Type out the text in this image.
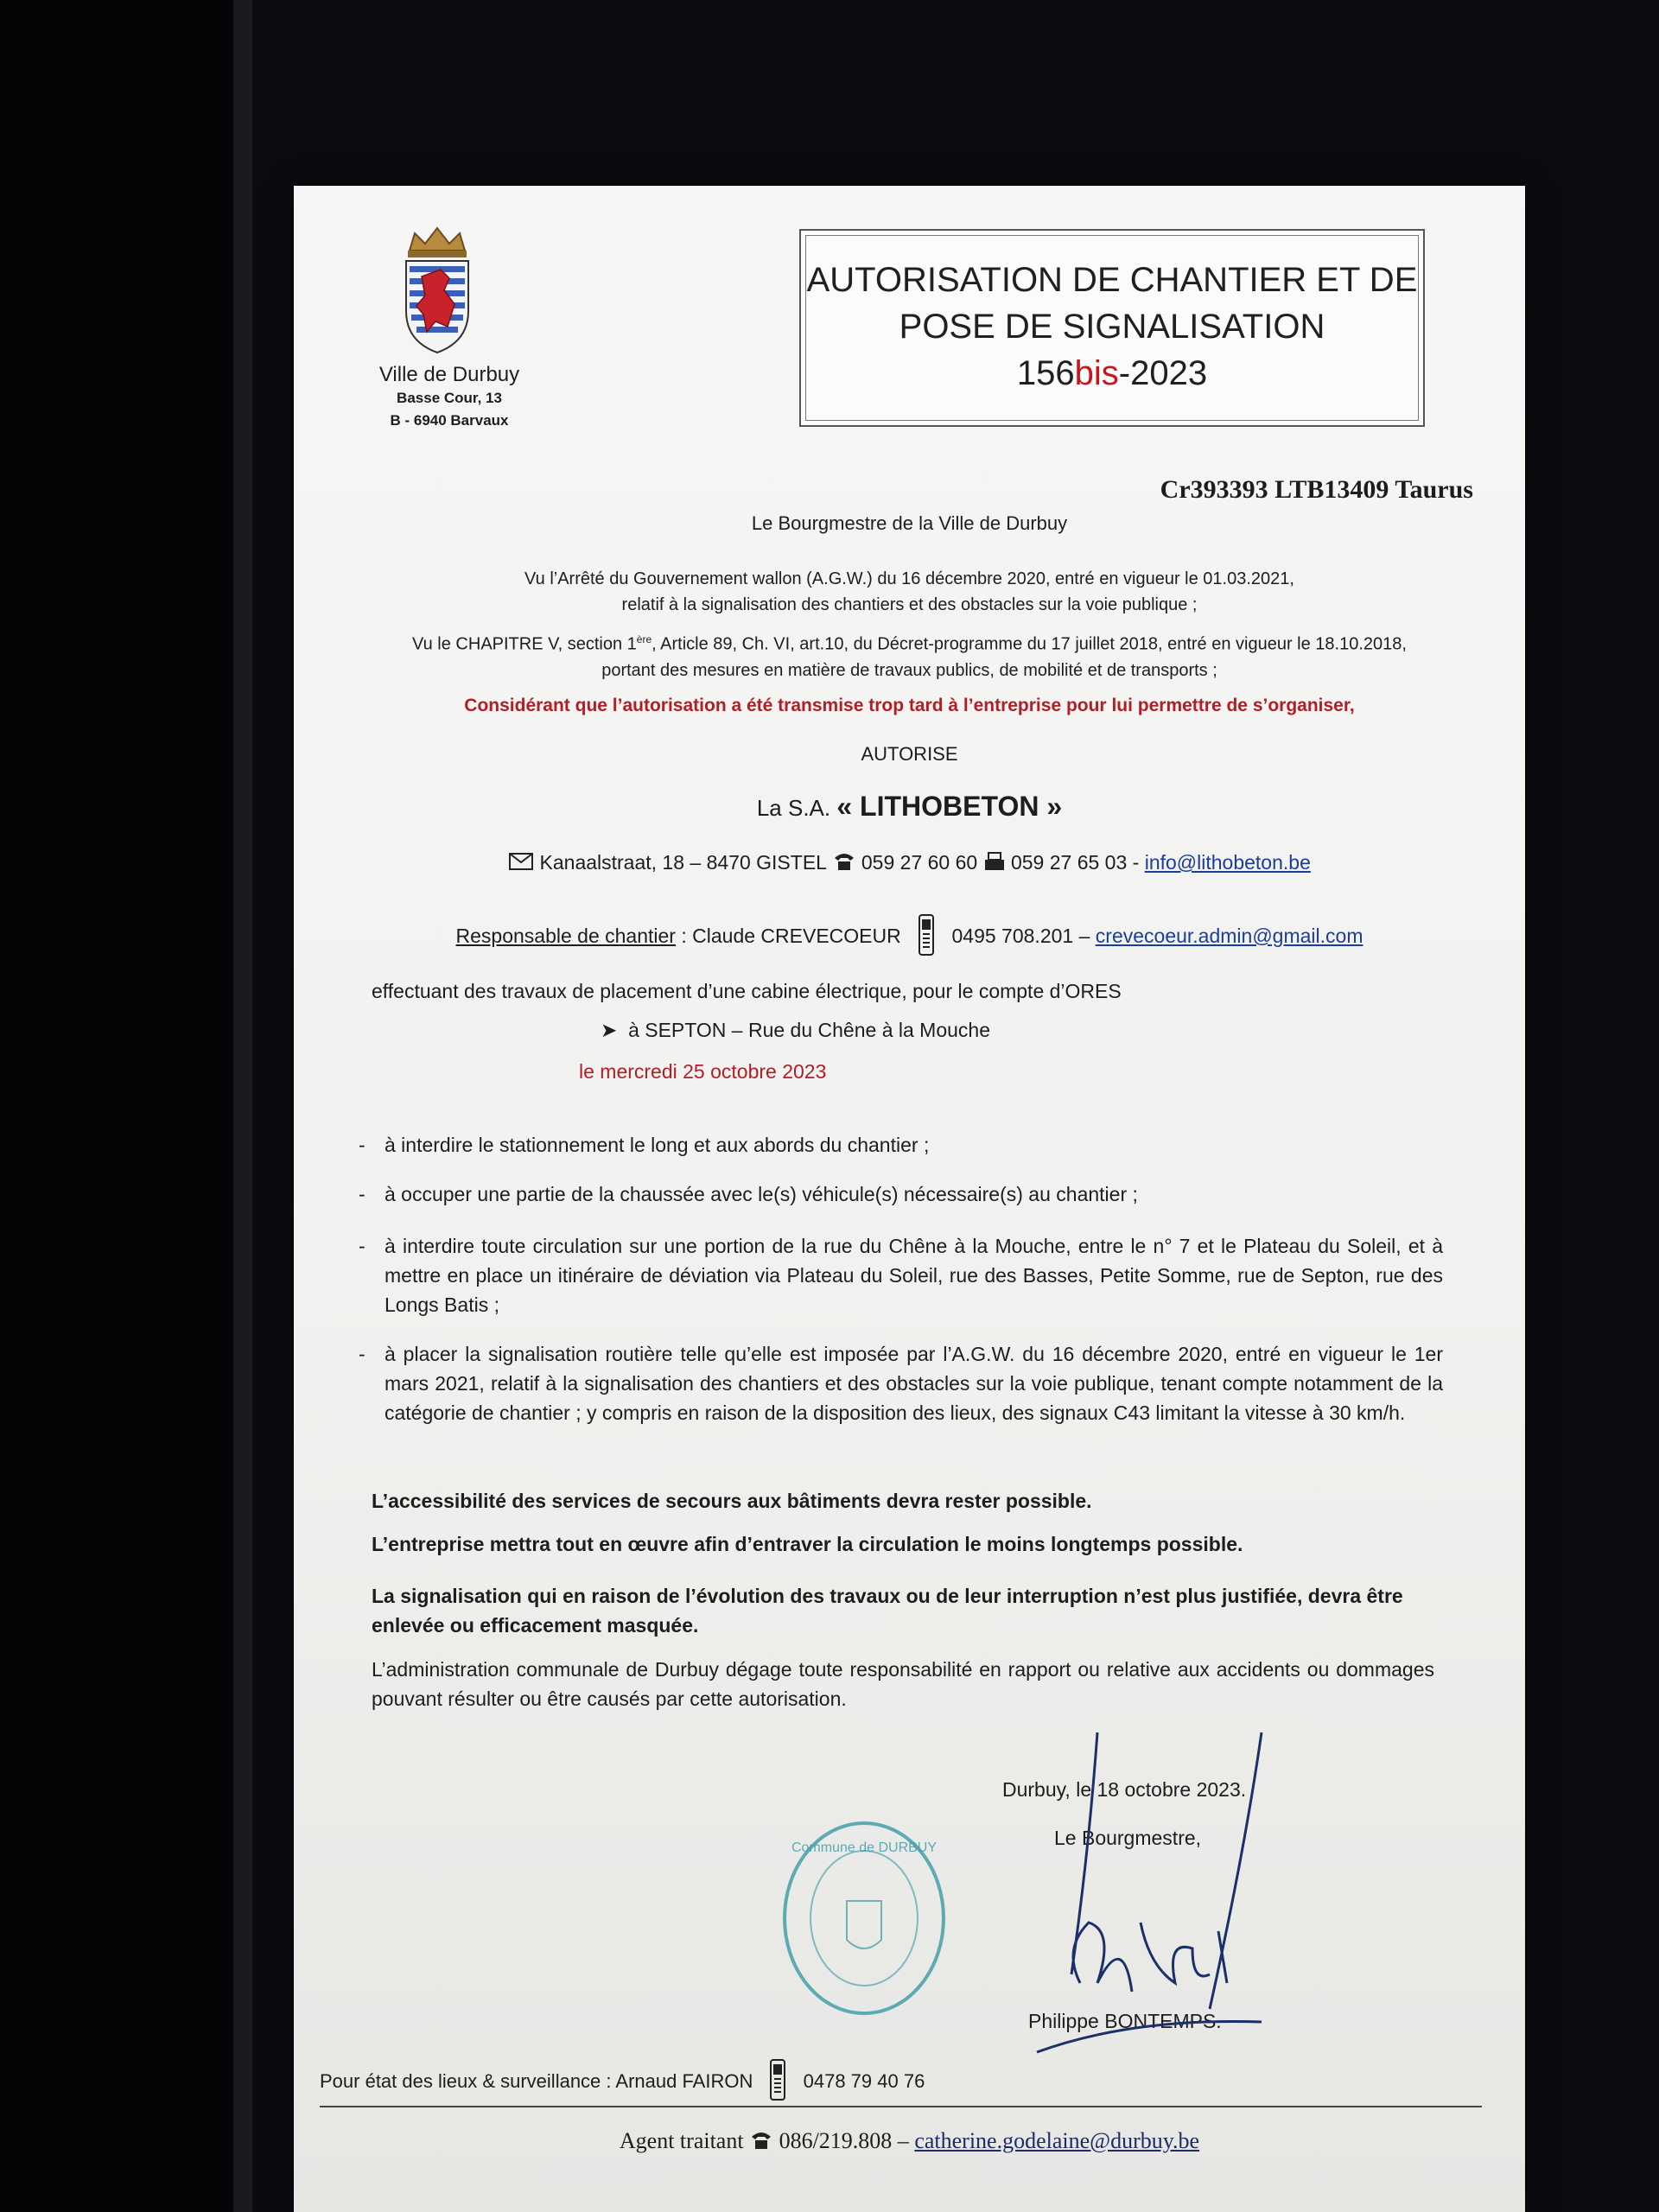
Ville de Durbuy
Basse Cour, 13
B - 6940 Barvaux
AUTORISATION DE CHANTIER ET DE
POSE DE SIGNALISATION
156bis-2023
Cr393393 LTB13409 Taurus
Le Bourgmestre de la Ville de Durbuy
Vu l’Arrêté du Gouvernement wallon (A.G.W.) du 16 décembre 2020, entré en vigueur le 01.03.2021,
relatif à la signalisation des chantiers et des obstacles sur la voie publique ;
Vu le CHAPITRE V, section 1ère, Article 89, Ch. VI, art.10, du Décret-programme du 17 juillet 2018, entré en vigueur le 18.10.2018,
portant des mesures en matière de travaux publics, de mobilité et de transports ;
Considérant que l’autorisation a été transmise trop tard à l’entreprise pour lui permettre de s’organiser,
AUTORISE
La S.A. « LITHOBETON »
Kanaalstraat, 18 – 8470 GISTEL 059 27 60 60 059 27 65 03 - info@lithobeton.be
Responsable de chantier : Claude CREVECOEUR	0495 708.201 – crevecoeur.admin@gmail.com
effectuant des travaux de placement d’une cabine électrique, pour le compte d’ORES
➤ à SEPTON – Rue du Chêne à la Mouche
le mercredi 25 octobre 2023
- à interdire le stationnement le long et aux abords du chantier ;
- à occuper une partie de la chaussée avec le(s) véhicule(s) nécessaire(s) au chantier ;
- à interdire toute circulation sur une portion de la rue du Chêne à la Mouche, entre le n° 7 et le Plateau du Soleil, et à mettre en place un itinéraire de déviation via Plateau du Soleil, rue des Basses, Petite Somme, rue de Septon, rue des Longs Batis ;
- à placer la signalisation routière telle qu’elle est imposée par l’A.G.W. du 16 décembre 2020, entré en vigueur le 1er mars 2021, relatif à la signalisation des chantiers et des obstacles sur la voie publique, tenant compte notamment de la catégorie de chantier ; y compris en raison de la disposition des lieux, des signaux C43 limitant la vitesse à 30 km/h.
L’accessibilité des services de secours aux bâtiments devra rester possible.
L’entreprise mettra tout en œuvre afin d’entraver la circulation le moins longtemps possible.
La signalisation qui en raison de l’évolution des travaux ou de leur interruption n’est plus justifiée, devra être enlevée ou efficacement masquée.
L’administration communale de Durbuy dégage toute responsabilité en rapport ou relative aux accidents ou dommages pouvant résulter ou être causés par cette autorisation.
Durbuy, le 18 octobre 2023.
Le Bourgmestre,
Philippe BONTEMPS.
Commune de DURBUY
Pour état des lieux & surveillance : Arnaud FAIRON	0478 79 40 76
Agent traitant 086/219.808 – catherine.godelaine@durbuy.be
